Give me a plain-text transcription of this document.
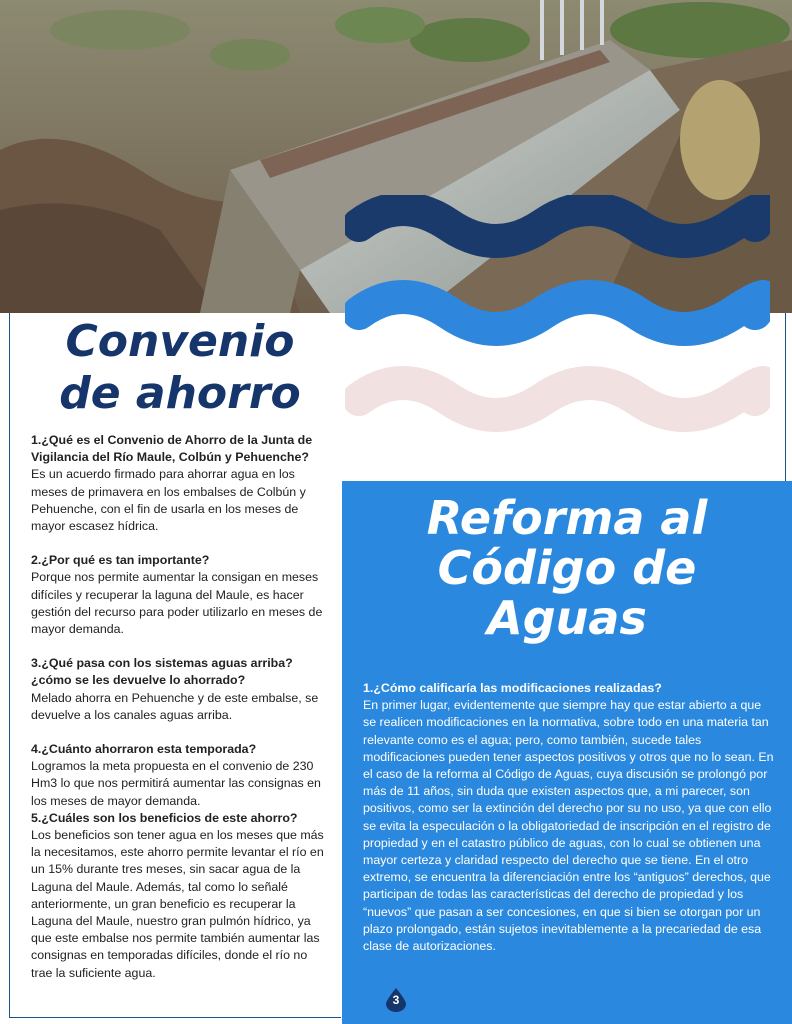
Convenio
de ahorro
1.¿Qué es el Convenio de Ahorro de la Junta de Vigilancia del Río Maule, Colbún y Pehuenche?
Es un acuerdo firmado para ahorrar agua en los meses de primavera en los embalses de Colbún y Pehuenche, con el fin de usarla en los meses de mayor escasez hídrica.
2.¿Por qué es tan importante?
Porque nos permite aumentar la consigan en meses difíciles y recuperar la laguna del Maule, es hacer gestión del recurso para poder utilizarlo en meses de mayor demanda.
3.¿Qué pasa con los sistemas aguas arriba? ¿cómo se les devuelve lo ahorrado?
Melado ahorra en Pehuenche y de este embalse, se devuelve a los canales aguas arriba.
4.¿Cuánto ahorraron esta temporada?
Logramos la meta propuesta en el convenio de 230 Hm3 lo que nos permitirá aumentar las consignas en los meses de mayor demanda.
5.¿Cuáles son los beneficios de este ahorro?
Los beneficios son tener agua en los meses que más la necesitamos, este ahorro permite levantar el río en un 15% durante tres meses, sin sacar agua de la Laguna del Maule. Además, tal como lo señalé anteriormente, un gran beneficio es recuperar la Laguna del Maule, nuestro gran pulmón hídrico, ya que este embalse nos permite también aumentar las consignas en temporadas difíciles, donde el río no trae la suficiente agua.
Reforma al
Código de
Aguas
1.¿Cómo calificaría las modificaciones realizadas?
En primer lugar, evidentemente que siempre hay que estar abierto a que se realicen modificaciones en la normativa, sobre todo en una materia tan relevante como es el agua; pero, como también, sucede tales modificaciones pueden tener aspectos positivos y otros que no lo sean. En el caso de la reforma al Código de Aguas, cuya discusión se prolongó por más de 11 años, sin duda que existen aspectos que, a mi parecer, son positivos, como ser la extinción del derecho por su no uso, ya que con ello se evita la especulación o la obligatoriedad de inscripción en el registro de propiedad y en el catastro público de aguas, con lo cual se obtienen una mayor certeza y claridad respecto del derecho que se tiene. En el otro extremo, se encuentra la diferenciación entre los “antiguos” derechos, que participan de todas las características del derecho de propiedad y los “nuevos” que pasan a ser concesiones, en que si bien se otorgan por un plazo prolongado, están sujetos inevitablemente a la precariedad de esa clase de autorizaciones.
3
